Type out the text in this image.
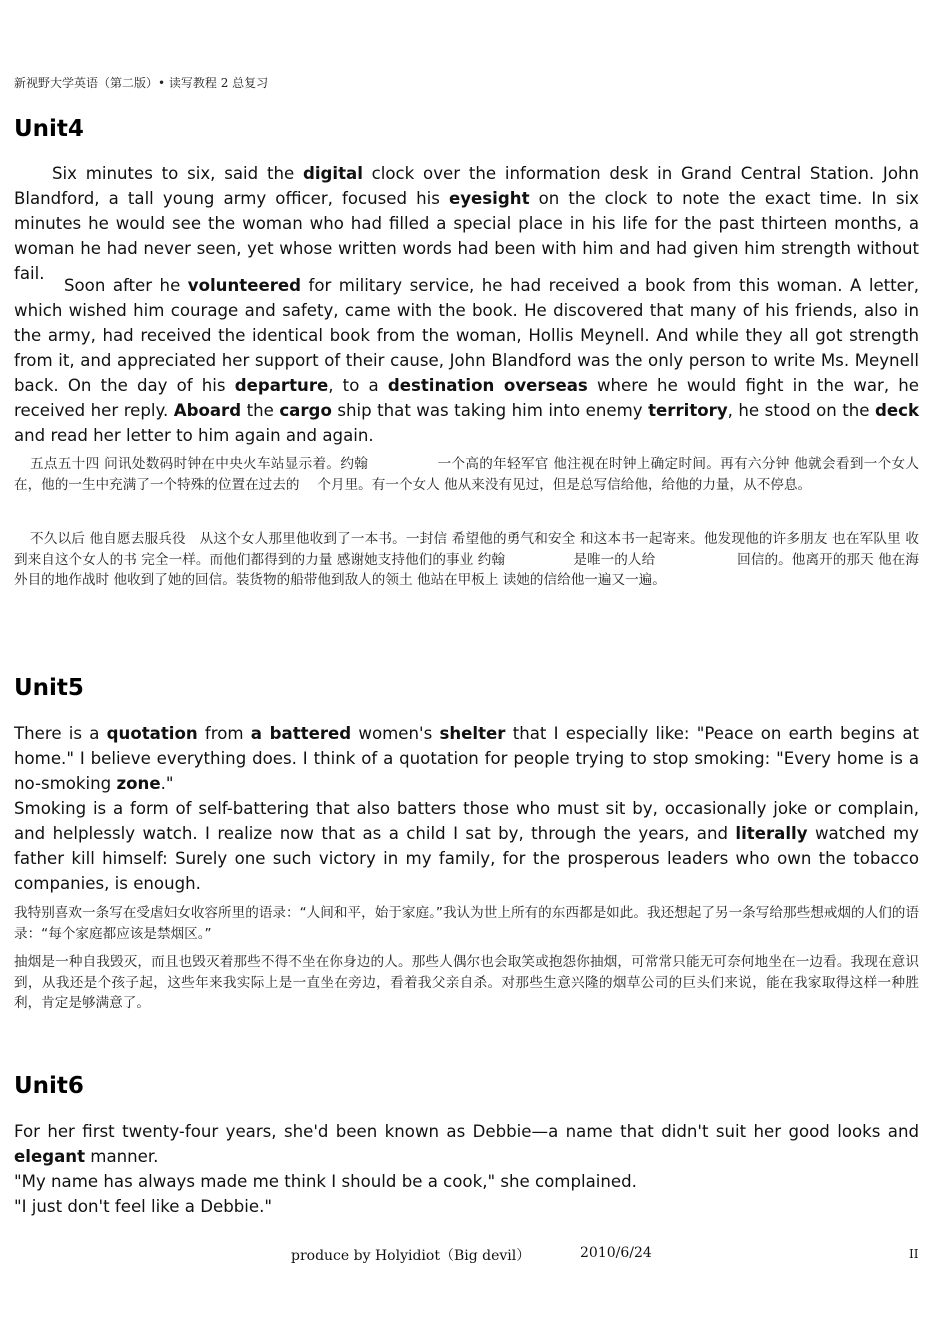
新视野大学英语（第二版）• 读写教程 2 总复习
Unit4

Six minutes to six, said the digital clock over the information desk in Grand Central Station. John Blandford, a tall young army officer, focused his eyesight on the clock to note the exact time. In six minutes he would see the woman who had filled a special place in his life for the past thirteen months, a woman he had never seen, yet whose written words had been with him and had given him strength without fail.

Soon after he volunteered for military service, he had received a book from this woman. A letter, which wished him courage and safety, came with the book. He discovered that many of his friends, also in the army, had received the identical book from the woman, Hollis Meynell. And while they all got strength from it, and appreciated her support of their cause, John Blandford was the only person to write Ms. Meynell back. On the day of his departure, to a destination overseas where he would fight in the war, he received her reply. Aboard the cargo ship that was taking him into enemy territory, he stood on the deck and read her letter to him again and again.

五点五十四 问讯处数码时钟在中央火车站显示着。约翰　　　　　一个高的年轻军官 他注视在时钟上确定时间。再有六分钟 他就会看到一个女人在，他的一生中充满了一个特殊的位置在过去的　 个月里。有一个女人 他从来没有见过，但是总写信给他，给他的力量，从不停息。

不久以后 他自愿去服兵役　从这个女人那里他收到了一本书。一封信 希望他的勇气和安全 和这本书一起寄来。他发现他的许多朋友 也在军队里 收到来自这个女人的书 完全一样。而他们都得到的力量 感谢她支持他们的事业 约翰　　　　　是唯一的人给　　　　　　回信的。他离开的那天 他在海外目的地作战时 他收到了她的回信。装货物的船带他到敌人的领土 他站在甲板上 读她的信给他一遍又一遍。

Unit5

There is a quotation from a battered women's shelter that I especially like: "Peace on earth begins at home." I believe everything does. I think of a quotation for people trying to stop smoking: "Every home is a no-smoking zone."

Smoking is a form of self-battering that also batters those who must sit by, occasionally joke or complain, and helplessly watch. I realize now that as a child I sat by, through the years, and literally watched my father kill himself: Surely one such victory in my family, for the prosperous leaders who own the tobacco companies, is enough.

我特别喜欢一条写在受虐妇女收容所里的语录：“人间和平，始于家庭。”我认为世上所有的东西都是如此。我还想起了另一条写给那些想戒烟的人们的语录：“每个家庭都应该是禁烟区。”

抽烟是一种自我毁灭，而且也毁灭着那些不得不坐在你身边的人。那些人偶尔也会取笑或抱怨你抽烟，可常常只能无可奈何地坐在一边看。我现在意识到，从我还是个孩子起，这些年来我实际上是一直坐在旁边，看着我父亲自杀。对那些生意兴隆的烟草公司的巨头们来说，能在我家取得这样一种胜利，肯定是够满意了。

Unit6

For her first twenty-four years, she'd been known as Debbie—a name that didn't suit her good looks and elegant manner.

"My name has always made me think I should be a cook," she complained.

"I just don't feel like a Debbie."

produce by Holyidiot（Big devil）	2010/6/24	II
